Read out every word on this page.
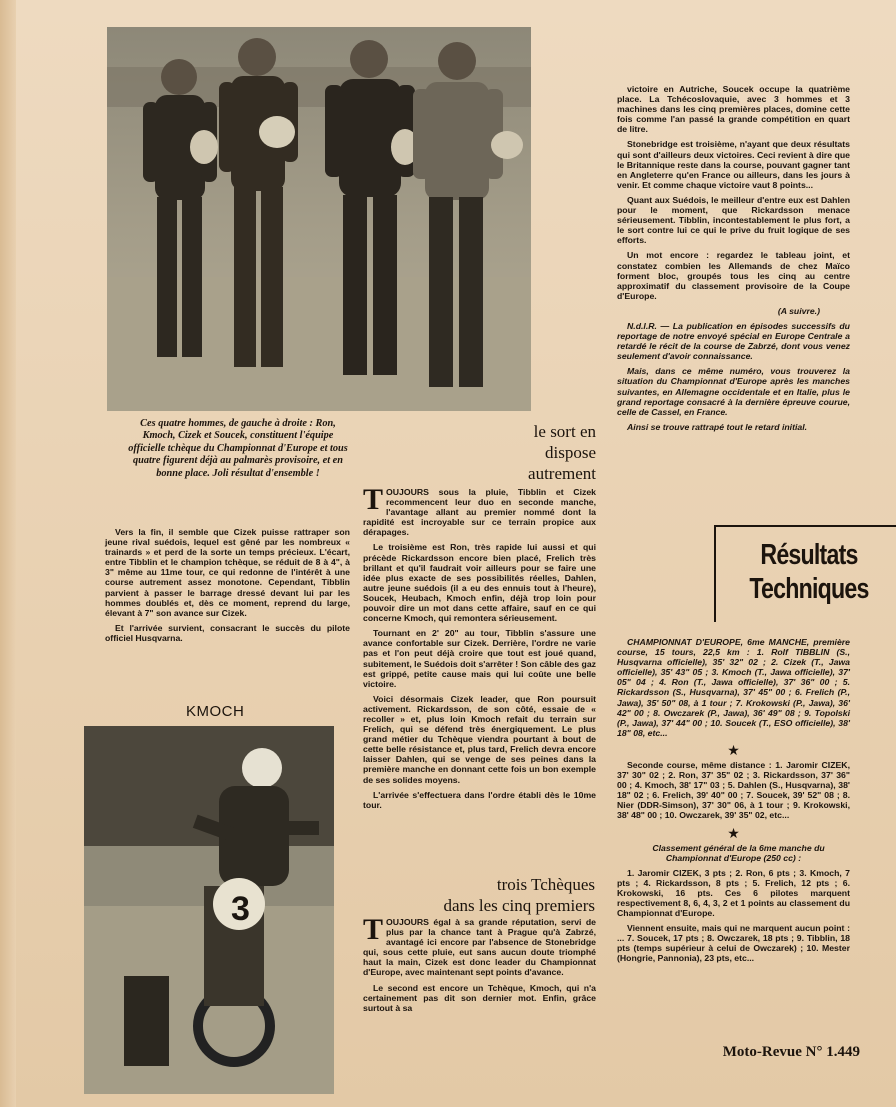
Ces quatre hommes, de gauche à droite : Ron, Kmoch, Cizek et Soucek, constituent l'équipe officielle tchèque du Championnat d'Europe et tous quatre figurent déjà au palmarès provisoire, et en bonne place. Joli résultat d'ensemble !
le sort en dispose autrement

Vers la fin, il semble que Cizek puisse rattraper son jeune rival suédois, lequel est gêné par les nombreux « trainards » et perd de la sorte un temps précieux. L'écart, entre Tibblin et le champion tchèque, se réduit de 8 à 4", à 3" même au 11me tour, ce qui redonne de l'intérêt à une course autrement assez monotone. Cependant, Tibblin parvient à passer le barrage dressé devant lui par les hommes doublés et, dès ce moment, reprend du large, élevant à 7" son avance sur Cizek.

Et l'arrivée survient, consacrant le succès du pilote officiel Husqvarna.

KMOCH
3

TOUJOURS sous la pluie, Tibblin et Cizek recommencent leur duo en seconde manche, l'avantage allant au premier nommé dont la rapidité est incroyable sur ce terrain propice aux dérapages.

Le troisième est Ron, très rapide lui aussi et qui précède Rickardsson encore bien placé, Frelich très brillant et qu'il faudrait voir ailleurs pour se faire une idée plus exacte de ses possibilités réelles, Dahlen, autre jeune suédois (il a eu des ennuis tout à l'heure), Soucek, Heubach, Kmoch enfin, déjà trop loin pour pouvoir dire un mot dans cette affaire, sauf en ce qui concerne Kmoch, qui remontera sérieusement.

Tournant en 2' 20" au tour, Tibblin s'assure une avance confortable sur Cizek. Derrière, l'ordre ne varie pas et l'on peut déjà croire que tout est joué quand, subitement, le Suédois doit s'arrêter ! Son câble des gaz est grippé, petite cause mais qui lui coûte une belle victoire.

Voici désormais Cizek leader, que Ron poursuit activement. Rickardsson, de son côté, essaie de « recoller » et, plus loin Kmoch refait du terrain sur Frelich, qui se défend très énergiquement. Le plus grand métier du Tchèque viendra pourtant à bout de cette belle résistance et, plus tard, Frelich devra encore laisser Dahlen, qui se venge de ses peines dans la première manche en donnant cette fois un bon exemple de ses solides moyens.

L'arrivée s'effectuera dans l'ordre établi dès le 10me tour.

trois Tchèques
dans les cinq premiers

TOUJOURS égal à sa grande réputation, servi de plus par la chance tant à Prague qu'à Zabrzé, avantagé ici encore par l'absence de Stonebridge qui, sous cette pluie, eut sans aucun doute triomphé haut la main, Cizek est donc leader du Championnat d'Europe, avec maintenant sept points d'avance.

Le second est encore un Tchèque, Kmoch, qui n'a certainement pas dit son dernier mot. Enfin, grâce surtout à sa

victoire en Autriche, Soucek occupe la quatrième place. La Tchécoslovaquie, avec 3 hommes et 3 machines dans les cinq premières places, domine cette fois comme l'an passé la grande compétition en quart de litre.

Stonebridge est troisième, n'ayant que deux résultats qui sont d'ailleurs deux victoires. Ceci revient à dire que le Britannique reste dans la course, pouvant gagner tant en Angleterre qu'en France ou ailleurs, dans les jours à venir. Et comme chaque victoire vaut 8 points...

Quant aux Suédois, le meilleur d'entre eux est Dahlen pour le moment, que Rickardsson menace sérieusement. Tibblin, incontestablement le plus fort, a le sort contre lui ce qui le prive du fruit logique de ses efforts.

Un mot encore : regardez le tableau joint, et constatez combien les Allemands de chez Maïco forment bloc, groupés tous les cinq au centre approximatif du classement provisoire de la Coupe d'Europe.

(A suivre.)

N.d.l.R. — La publication en épisodes successifs du reportage de notre envoyé spécial en Europe Centrale a retardé le récit de la course de Zabrzé, dont vous venez seulement d'avoir connaissance.

Mais, dans ce même numéro, vous trouverez la situation du Championnat d'Europe après les manches suivantes, en Allemagne occidentale et en Italie, plus le grand reportage consacré à la dernière épreuve courue, celle de Cassel, en France.

Ainsi se trouve rattrapé tout le retard initial.

Résultats
Techniques

CHAMPIONNAT D'EUROPE, 6me MANCHE, première course, 15 tours, 22,5 km : 1. Rolf TIBBLIN (S., Husqvarna officielle), 35' 32" 02 ; 2. Cizek (T., Jawa officielle), 35' 43" 05 ; 3. Kmoch (T., Jawa officielle), 37' 05" 04 ; 4. Ron (T., Jawa officielle), 37' 36" 00 ; 5. Rickardsson (S., Husqvarna), 37' 45" 00 ; 6. Frelich (P., Jawa), 35' 50" 08, à 1 tour ; 7. Krokowski (P., Jawa), 36' 42" 00 ; 8. Owczarek (P., Jawa), 36' 49" 08 ; 9. Topolski (P., Jawa), 37' 44" 00 ; 10. Soucek (T., ESO officielle), 38' 18" 08, etc...

★

Seconde course, même distance : 1. Jaromir CIZEK, 37' 30" 02 ; 2. Ron, 37' 35" 02 ; 3. Rickardsson, 37' 36" 00 ; 4. Kmoch, 38' 17" 03 ; 5. Dahlen (S., Husqvarna), 38' 18" 02 ; 6. Frelich, 39' 40" 00 ; 7. Soucek, 39' 52" 08 ; 8. Nier (DDR-Simson), 37' 30" 06, à 1 tour ; 9. Krokowski, 38' 48" 00 ; 10. Owczarek, 39' 35" 02, etc...

★

Classement général de la 6me manche du Championnat d'Europe (250 cc) :

1. Jaromir CIZEK, 3 pts ; 2. Ron, 6 pts ; 3. Kmoch, 7 pts ; 4. Rickardsson, 8 pts ; 5. Frelich, 12 pts ; 6. Krokowski, 16 pts. Ces 6 pilotes marquent respectivement 8, 6, 4, 3, 2 et 1 points au classement du Championnat d'Europe.

Viennent ensuite, mais qui ne marquent aucun point : ... 7. Soucek, 17 pts ; 8. Owczarek, 18 pts ; 9. Tibblin, 18 pts (temps supérieur à celui de Owczarek) ; 10. Mester (Hongrie, Pannonia), 23 pts, etc...

Moto-Revue N° 1.449
